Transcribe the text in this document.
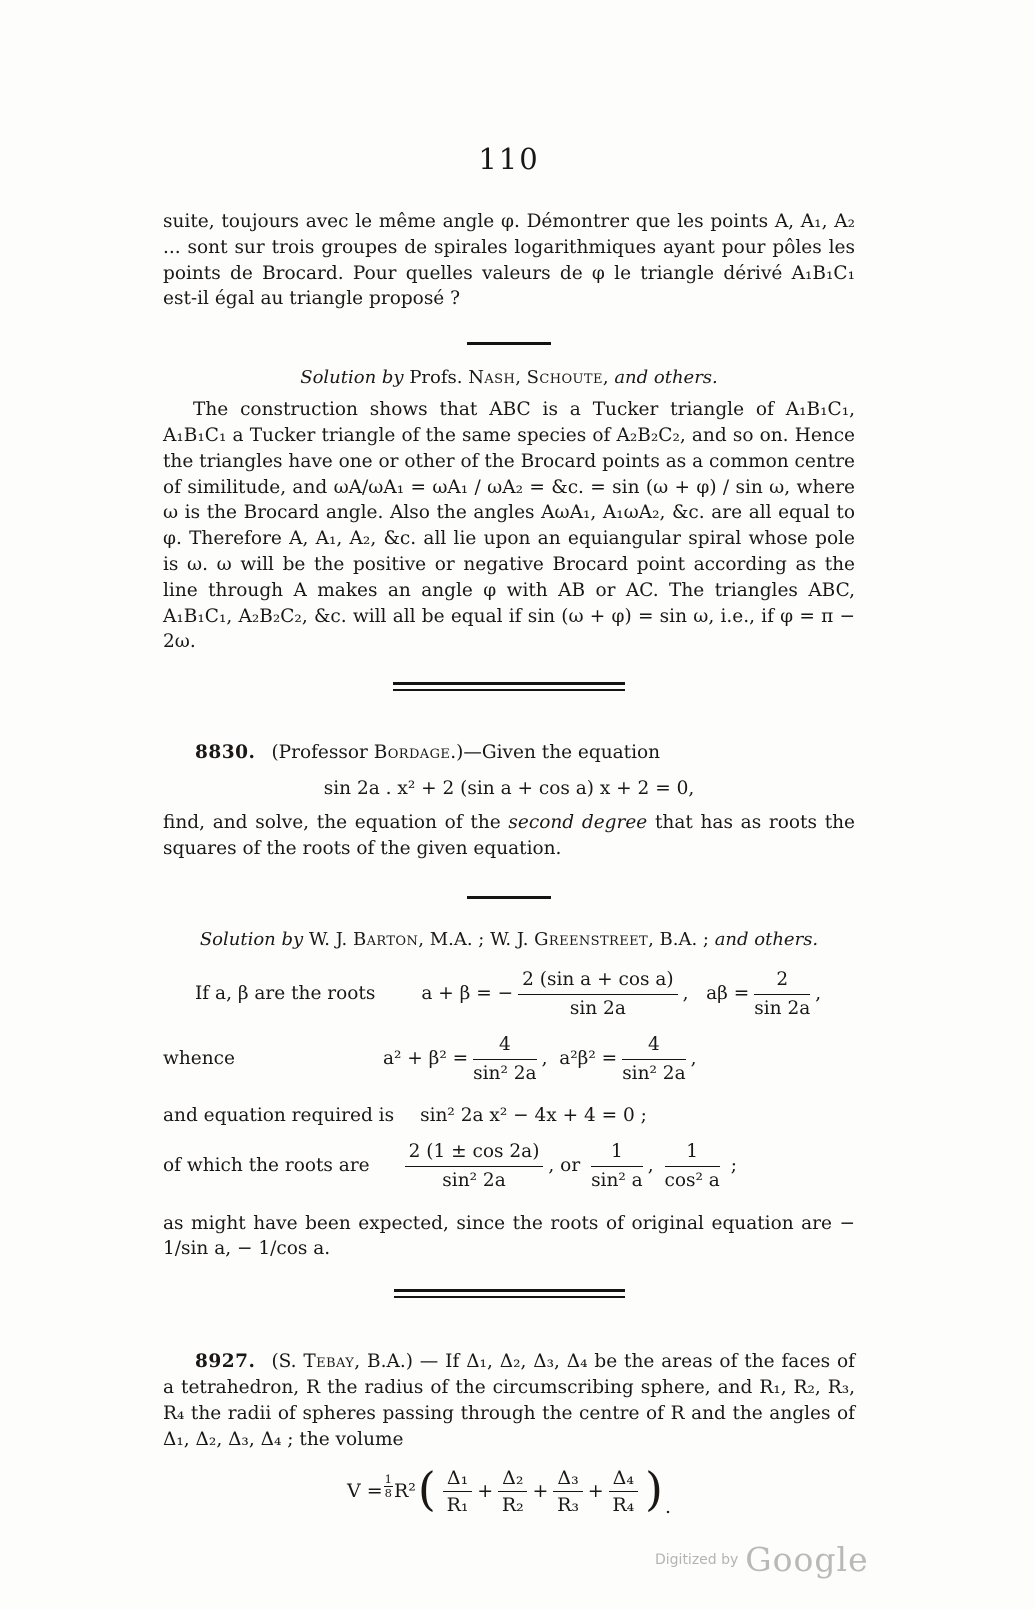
110

suite, toujours avec le même angle φ. Démontrer que les points A, A₁, A₂ ... sont sur trois groupes de spirales logarithmiques ayant pour pôles les points de Brocard. Pour quelles valeurs de φ le triangle dérivé A₁B₁C₁ est-il égal au triangle proposé ?

Solution by Profs. Nash, Schoute, and others.

The construction shows that ABC is a Tucker triangle of A₁B₁C₁, A₁B₁C₁ a Tucker triangle of the same species of A₂B₂C₂, and so on. Hence the triangles have one or other of the Brocard points as a common centre of similitude, and ωA/ωA₁ = ωA₁ / ωA₂ = &c. = sin (ω + φ) / sin ω, where ω is the Brocard angle. Also the angles AωA₁, A₁ωA₂, &c. are all equal to φ. Therefore A, A₁, A₂, &c. all lie upon an equiangular spiral whose pole is ω. ω will be the positive or negative Brocard point according as the line through A makes an angle φ with AB or AC. The triangles ABC, A₁B₁C₁, A₂B₂C₂, &c. will all be equal if sin (ω + φ) = sin ω, i.e., if φ = π − 2ω.

8830. (Professor Bordage.)—Given the equation

sin 2a . x² + 2 (sin a + cos a) x + 2 = 0,

find, and solve, the equation of the second degree that has as roots the squares of the roots of the given equation.

Solution by W. J. Barton, M.A. ; W. J. Greenstreet, B.A. ; and others.
If a, β are the roots a + β = − $\frac{\text{2 (sin a + cos a)}}{\sin 2a}$ , $a\beta = \frac{2}{\sin 2a}$ ,
whence	$a^2 + \beta^2 = \frac{4}{\text{sin² 2a}}$ , $a^2\beta^2 = \frac{4}{\text{sin² 2a}}$ ,
and equation required is sin² 2a x² − 4x + 4 = 0 ;
of which the roots are $\frac{2 (1 \pm \cos 2a)}{\text{sin² 2a}}$ , or $\frac{1}{\text{sin² a}}$ , $\frac{1}{\text{cos² a}}$ ;

as might have been expected, since the roots of original equation are − 1/sin a, − 1/cos a.

8927. (S. Tebay, B.A.) — If Δ₁, Δ₂, Δ₃, Δ₄ be the areas of the faces of a tetrahedron, R the radius of the circumscribing sphere, and R₁, R₂, R₃, R₄ the radii of spheres passing through the centre of R and the angles of Δ₁, Δ₂, Δ₃, Δ₄ ; the volume

$V = \frac{1}{8} R^2( \frac{\text{Δ₁}}{\text{R₁}} + \frac{\text{Δ₂}}{\text{R₂}} + \frac{\text{Δ₃}}{\text{R₃}} + \frac{\text{Δ₄}}{\text{R₄}}$ ) .
Digitized by Google
